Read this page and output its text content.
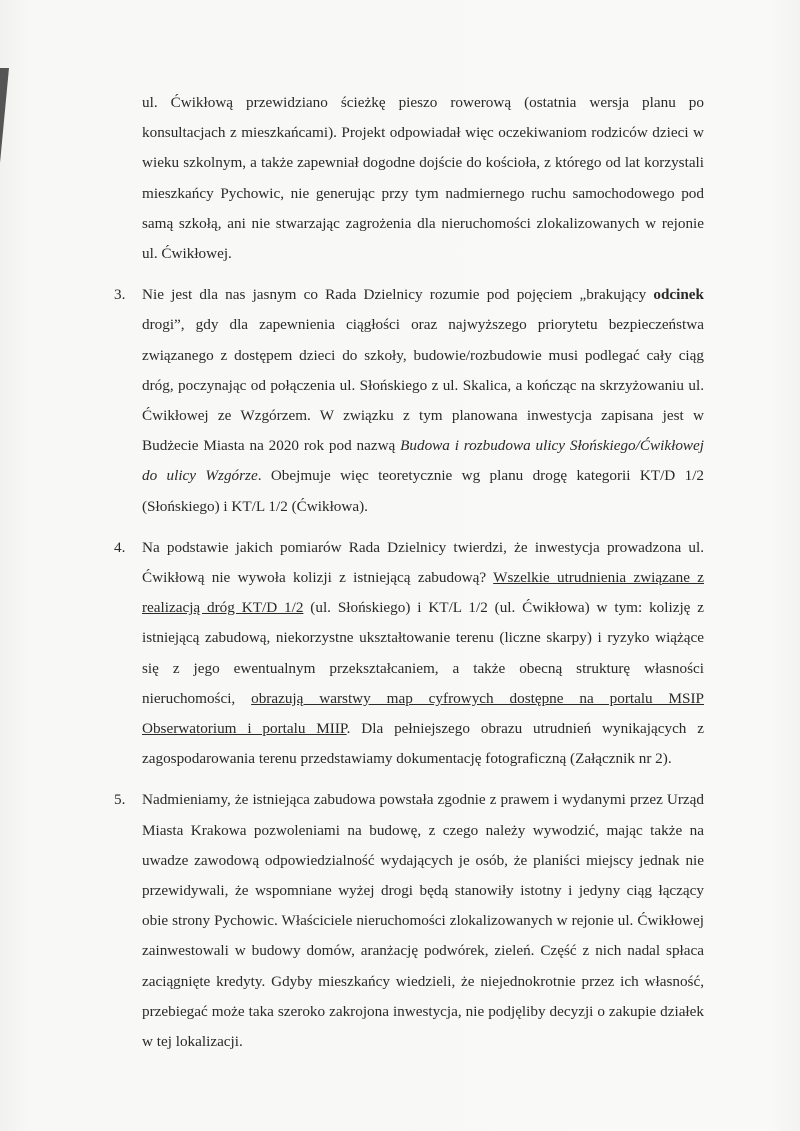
ul. Ćwikłową przewidziano ścieżkę pieszo rowerową (ostatnia wersja planu po konsultacjach z mieszkańcami). Projekt odpowiadał więc oczekiwaniom rodziców dzieci w wieku szkolnym, a także zapewniał dogodne dojście do kościoła, z którego od lat korzystali mieszkańcy Pychowic, nie generując przy tym nadmiernego ruchu samochodowego pod samą szkołą, ani nie stwarzając zagrożenia dla nieruchomości zlokalizowanych w rejonie ul. Ćwikłowej.

3. Nie jest dla nas jasnym co Rada Dzielnicy rozumie pod pojęciem „brakujący odcinek drogi”, gdy dla zapewnienia ciągłości oraz najwyższego priorytetu bezpieczeństwa związanego z dostępem dzieci do szkoły, budowie/rozbudowie musi podlegać cały ciąg dróg, poczynając od połączenia ul. Słońskiego z ul. Skalica, a kończąc na skrzyżowaniu ul. Ćwikłowej ze Wzgórzem. W związku z tym planowana inwestycja zapisana jest w Budżecie Miasta na 2020 rok pod nazwą Budowa i rozbudowa ulicy Słońskiego/Ćwikłowej do ulicy Wzgórze. Obejmuje więc teoretycznie wg planu drogę kategorii KT/D 1/2 (Słońskiego) i KT/L 1/2 (Ćwikłowa).
4. Na podstawie jakich pomiarów Rada Dzielnicy twierdzi, że inwestycja prowadzona ul. Ćwikłową nie wywoła kolizji z istniejącą zabudową? Wszelkie utrudnienia związane z realizacją dróg KT/D 1/2 (ul. Słońskiego) i KT/L 1/2 (ul. Ćwikłowa) w tym: kolizję z istniejącą zabudową, niekorzystne ukształtowanie terenu (liczne skarpy) i ryzyko wiążące się z jego ewentualnym przekształcaniem, a także obecną strukturę własności nieruchomości, obrazują warstwy map cyfrowych dostępne na portalu MSIP Obserwatorium i portalu MIIP. Dla pełniejszego obrazu utrudnień wynikających z zagospodarowania terenu przedstawiamy dokumentację fotograficzną (Załącznik nr 2).
5. Nadmieniamy, że istniejąca zabudowa powstała zgodnie z prawem i wydanymi przez Urząd Miasta Krakowa pozwoleniami na budowę, z czego należy wywodzić, mając także na uwadze zawodową odpowiedzialność wydających je osób, że planiści miejscy jednak nie przewidywali, że wspomniane wyżej drogi będą stanowiły istotny i jedyny ciąg łączący obie strony Pychowic. Właściciele nieruchomości zlokalizowanych w rejonie ul. Ćwikłowej zainwestowali w budowy domów, aranżację podwórek, zieleń. Część z nich nadal spłaca zaciągnięte kredyty. Gdyby mieszkańcy wiedzieli, że niejednokrotnie przez ich własność, przebiegać może taka szeroko zakrojona inwestycja, nie podjęliby decyzji o zakupie działek w tej lokalizacji.
